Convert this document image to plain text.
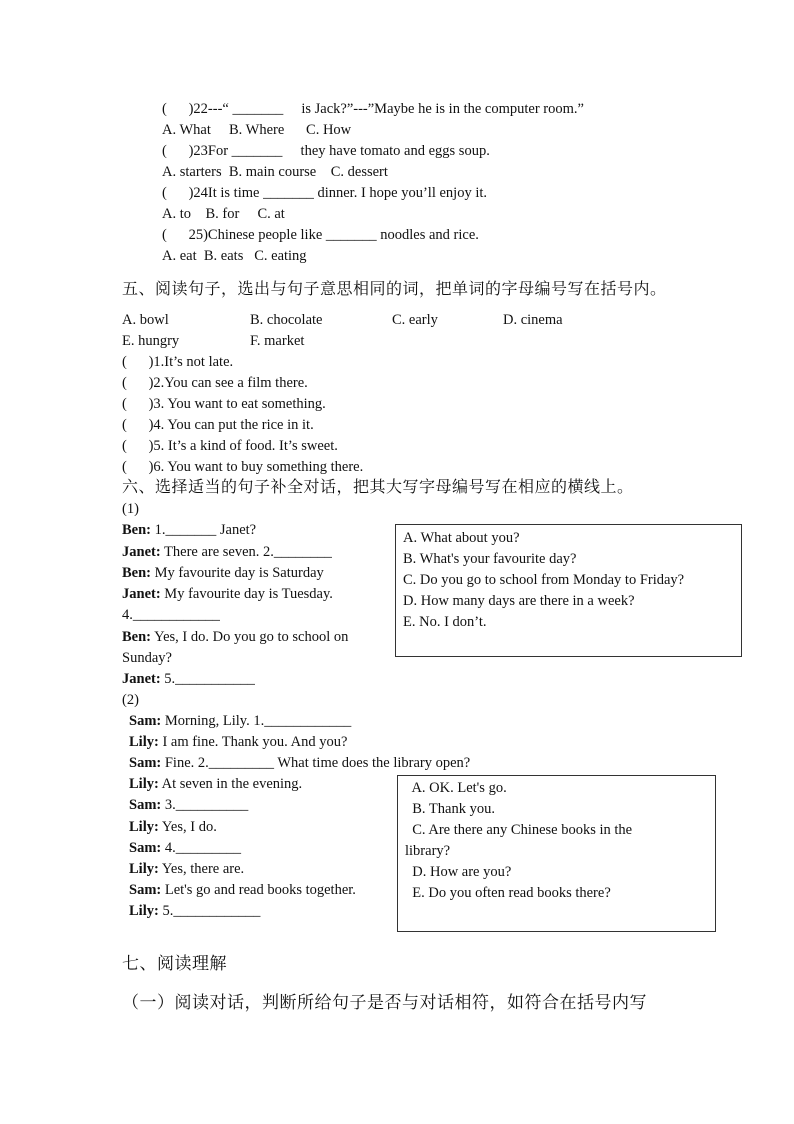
(      )22---“ _______     is Jack?”---”Maybe he is in the computer room.”
A. What     B. Where      C. How
(      )23For _______     they have tomato and eggs soup.
A. starters  B. main course    C. dessert
(      )24It is time _______ dinner. I hope you’ll enjoy it.
A. to    B. for     C. at
(      25)Chinese people like _______ noodles and rice.
A. eat  B. eats   C. eating
五、阅读句子，选出与句子意思相同的词，把单词的字母编号写在括号内。
A. bowl	B. chocolate	C. early	D. cinema
E. hungry	F. market
(      )1.It’s not late.
(      )2.You can see a film there.
(      )3. You want to eat something.
(      )4. You can put the rice in it.
(      )5. It’s a kind of food. It’s sweet.
(      )6. You want to buy something there.
六、选择适当的句子补全对话，把其大写字母编号写在相应的横线上。
(1)
Ben: 1._______ Janet?
Janet: There are seven. 2.________
Ben: My favourite day is Saturday
Janet: My favourite day is Tuesday.
4.____________
Ben: Yes, I do. Do you go to school on
Sunday?
Janet: 5.___________
A. What about you?
B. What's your favourite day?
C. Do you go to school from Monday to Friday?
D. How many days are there in a week?
E. No. I don’t.
(2)
Sam: Morning, Lily. 1.____________
Lily: I am fine. Thank you. And you?
Sam: Fine. 2._________ What time does the library open?
Lily: At seven in the evening.
Sam: 3.__________
Lily: Yes, I do.
Sam: 4._________
Lily: Yes, there are.
Sam: Let's go and read books together.
Lily: 5.____________
A. OK. Let's go.
B. Thank you.
C. Are there any Chinese books in the
library?
D. How are you?
E. Do you often read books there?
七、阅读理解
（一）阅读对话，判断所给句子是否与对话相符，如符合在括号内写
